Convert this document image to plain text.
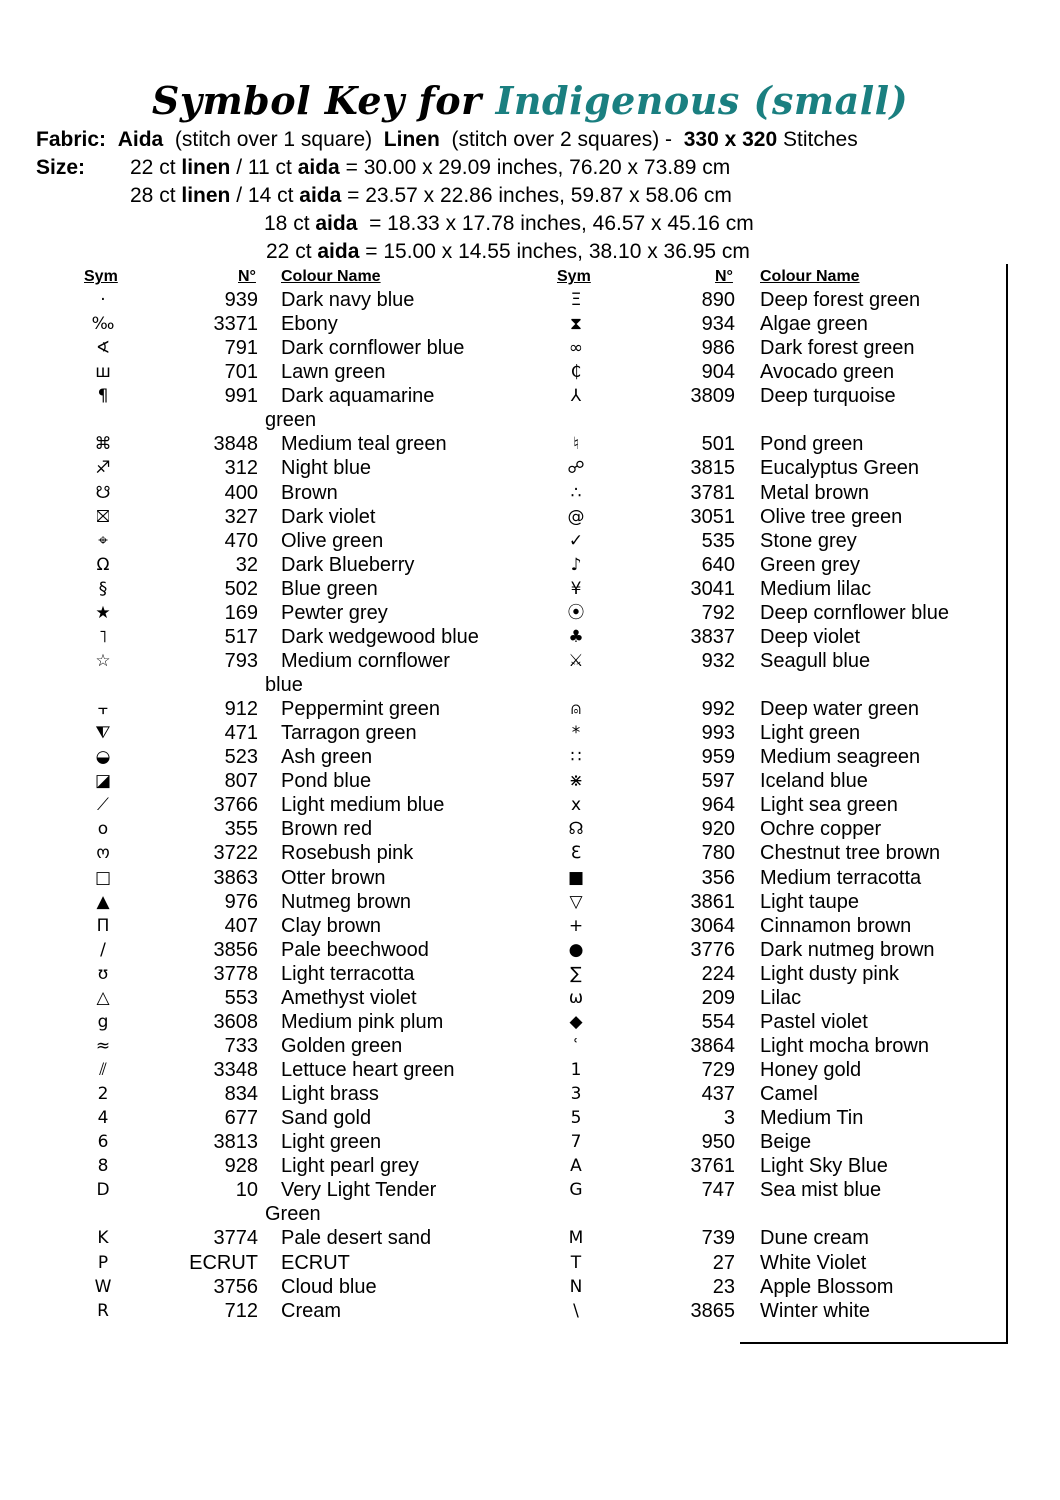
Symbol Key for Indigenous (small)
Fabric: Aida (stitch over 1 square) Linen (stitch over 2 squares) - 330 x 320 Stitches
Size: 22 ct linen / 11 ct aida = 30.00 x 29.09 inches, 76.20 x 73.89 cm
28 ct linen / 14 ct aida = 23.57 x 22.86 inches, 59.87 x 58.06 cm
18 ct aida  = 18.33 x 17.78 inches, 46.57 x 45.16 cm
22 ct aida = 15.00 x 14.55 inches, 38.10 x 36.95 cm
Sym	N° Colour Name	Sym	N° Colour Name
·	939 Dark navy blue
‰	3371 Ebony
∢	791 Dark cornflower blue
ш	701 Lawn green
¶	991 Dark aquamarine
green
⌘	3848 Medium teal green
♐	312 Night blue
☋	400 Brown
⛝	327 Dark violet
⌖	470 Olive green
Ω	32 Dark Blueberry
§	502 Blue green
★	169 Pewter grey
˥	517 Dark wedgewood blue
☆	793 Medium cornflower
blue
⫟	912 Peppermint green
⧨	471 Tarragon green
◒	523 Ash green
◪	807 Pond blue
⟋	3766 Light medium blue
o	355 Brown red
ო	3722 Rosebush pink
□	3863 Otter brown
▲	976 Nutmeg brown
Π	407 Clay brown
/	3856 Pale beechwood
ʊ	3778 Light terracotta
△	553 Amethyst violet
g	3608 Medium pink plum
≈	733 Golden green
⫽	3348 Lettuce heart green
2	834 Light brass
4	677 Sand gold
6	3813 Light green
8	928 Light pearl grey
D	10 Very Light Tender
Green
K	3774 Pale desert sand
P	ECRUT ECRUT
W	3756 Cloud blue
R	712 Cream
Ξ	890 Deep forest green
⧗	934 Algae green
∞	986 Dark forest green
₵	904 Avocado green
⅄	3809 Deep turquoise
♮	501 Pond green
☍	3815 Eucalyptus Green
∴	3781 Metal brown
@	3051 Olive tree green
✓	535 Stone grey
♪	640 Green grey
¥	3041 Medium lilac
⦿	792 Deep cornflower blue
♣	3837 Deep violet
⚔	932 Seagull blue
⍝	992 Deep water green
*	993 Light green
∷	959 Medium seagreen
⋇	597 Iceland blue
x	964 Light sea green
☊	920 Ochre copper
ℇ	780 Chestnut tree brown
■	356 Medium terracotta
▽	3861 Light taupe
+	3064 Cinnamon brown
●	3776 Dark nutmeg brown
∑	224 Light dusty pink
ω	209 Lilac
◆	554 Pastel violet
ʿ	3864 Light mocha brown
1	729 Honey gold
3	437 Camel
5	3 Medium Tin
7	950 Beige
A	3761 Light Sky Blue
G	747 Sea mist blue
M	739 Dune cream
T	27 White Violet
N	23 Apple Blossom
\	3865 Winter white
